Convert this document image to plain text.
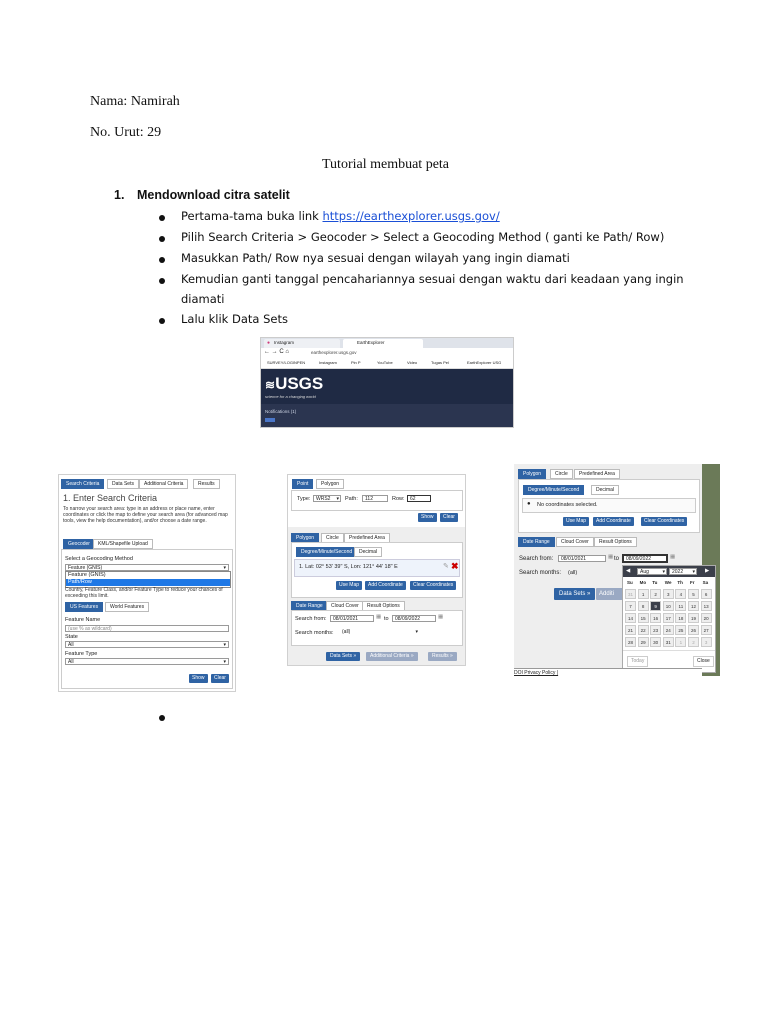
Nama: Namirah
No. Urut: 29
Tutorial membuat peta
1. Mendownload citra satelit
Pertama-tama buka link https://earthexplorer.usgs.gov/
Pilih Search Criteria > Geocoder > Select a Geocoding Method ( ganti ke Path/ Row)
Masukkan Path/ Row nya sesuai dengan wilayah yang ingin diamati
Kemudian ganti tanggal pencahariannya sesuai dengan waktu dari keadaan yang ingin
diamati
Lalu klik Data Sets
Instagram
●	EarthExplorer
← → C ⌂	earthexplorer.usgs.gov
SURVEY/LOGINPEN	Instagram	Pin P	YouTube	Video	Tugas Pel	EarthExplorer USG
≋USGS
science for a changing world
Notifications (1)
Search Criteria	Data Sets	Additional Criteria	Results
1. Enter Search Criteria
To narrow your search area: type in an address or place name, enter coordinates or click the map to define your search area (for advanced map tools, view the help documentation), and/or choose a date range.
Geocoder	KML/Shapefile Upload
Select a Geocoding Method
Feature (GNIS)	▾
Feature (GNIS)
Path/Row
Country, Feature Class, and/or Feature Type to reduce your chances of exceeding this limit.
US Features	World Features
Feature Name
(use % as wildcard)
State
All	▾
Feature Type
All	▾
Show	Clear
Point	Polygon
Type:	WRS2 ▾ Path:	112	Row:	62
Show	Clear
Polygon	Circle	Predefined Area
Degree/Minute/Second	Decimal
1. Lat: 02° 53' 39" S, Lon: 121° 44' 18" E	✎ ✖
Use Map	Add Coordinate	Clear Coordinates
Date Range	Cloud Cover	Result Options
Search from:	08/01/2021	▦ to	08/09/2022	▦
Search months:	(all)	▾
Data Sets »	Additional Criteria »	Results »
Polygon	Circle	Predefined Area
Degree/Minute/Second	Decimal
● No coordinates selected.
Use Map	Add Coordinate	Clear Coordinates
Date Range	Cloud Cover	Result Options
Search from:	08/01/2021	▦ to	08/09/2022	▦
Search months: (all)
Data Sets »	Additi
◀	Aug	▾	2022 ▾ ▶
Su Mo Tu We Th Fr Sa
31	1	2	3	4	5	6
7	8	9	10	11	12	13
14	15	16	17	18	19	20
21	22	23	24	25	26	27
28	29	30	31	1	2	3
Today	Close
DOI Privacy Policy |
